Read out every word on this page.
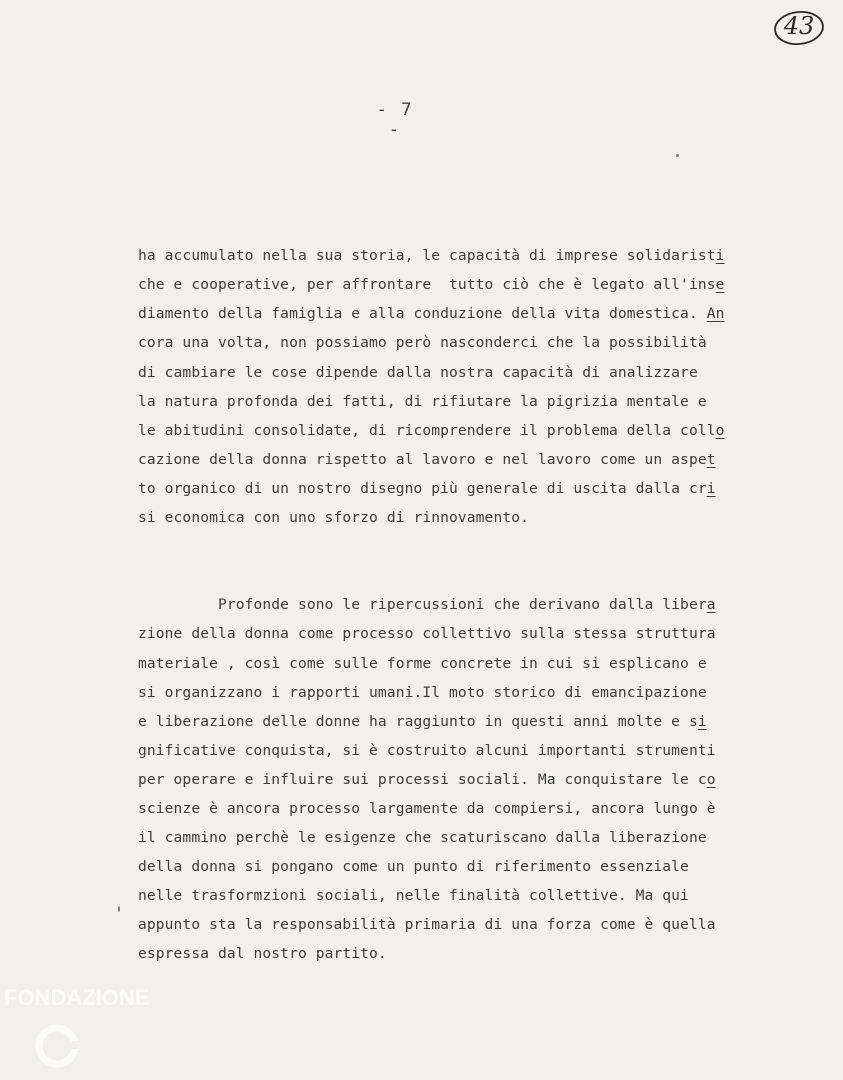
43
- 7 -

ha accumulato nella sua storia, le capacità di imprese solidaristi
che e cooperative, per affrontare  tutto ciò che è legato all'inse
diamento della famiglia e alla conduzione della vita domestica. An
cora una volta, non possiamo però nasconderci che la possibilità
di cambiare le cose dipende dalla nostra capacità di analizzare
la natura profonda dei fatti, di rifiutare la pigrizia mentale e
le abitudini consolidate, di ricomprendere il problema della collo
cazione della donna rispetto al lavoro e nel lavoro come un aspet
to organico di un nostro disegno più generale di uscita dalla cri
si economica con uno sforzo di rinnovamento.

Profonde sono le ripercussioni che derivano dalla libera
zione della donna come processo collettivo sulla stessa struttura
materiale , così come sulle forme concrete in cui si esplicano e
si organizzano i rapporti umani.Il moto storico di emancipazione
e liberazione delle donne ha raggiunto in questi anni molte e si
gnificative conquista, si è costruito alcuni importanti strumenti
per operare e influire sui processi sociali. Ma conquistare le co
scienze è ancora processo largamente da compiersi, ancora lungo è
il cammino perchè le esigenze che scaturiscano dalla liberazione
della donna si pongano come un punto di riferimento essenziale
nelle trasformzioni sociali, nelle finalità collettive. Ma qui
appunto sta la responsabilità primaria di una forza come è quella
espressa dal nostro partito.

FONDAZIONE
